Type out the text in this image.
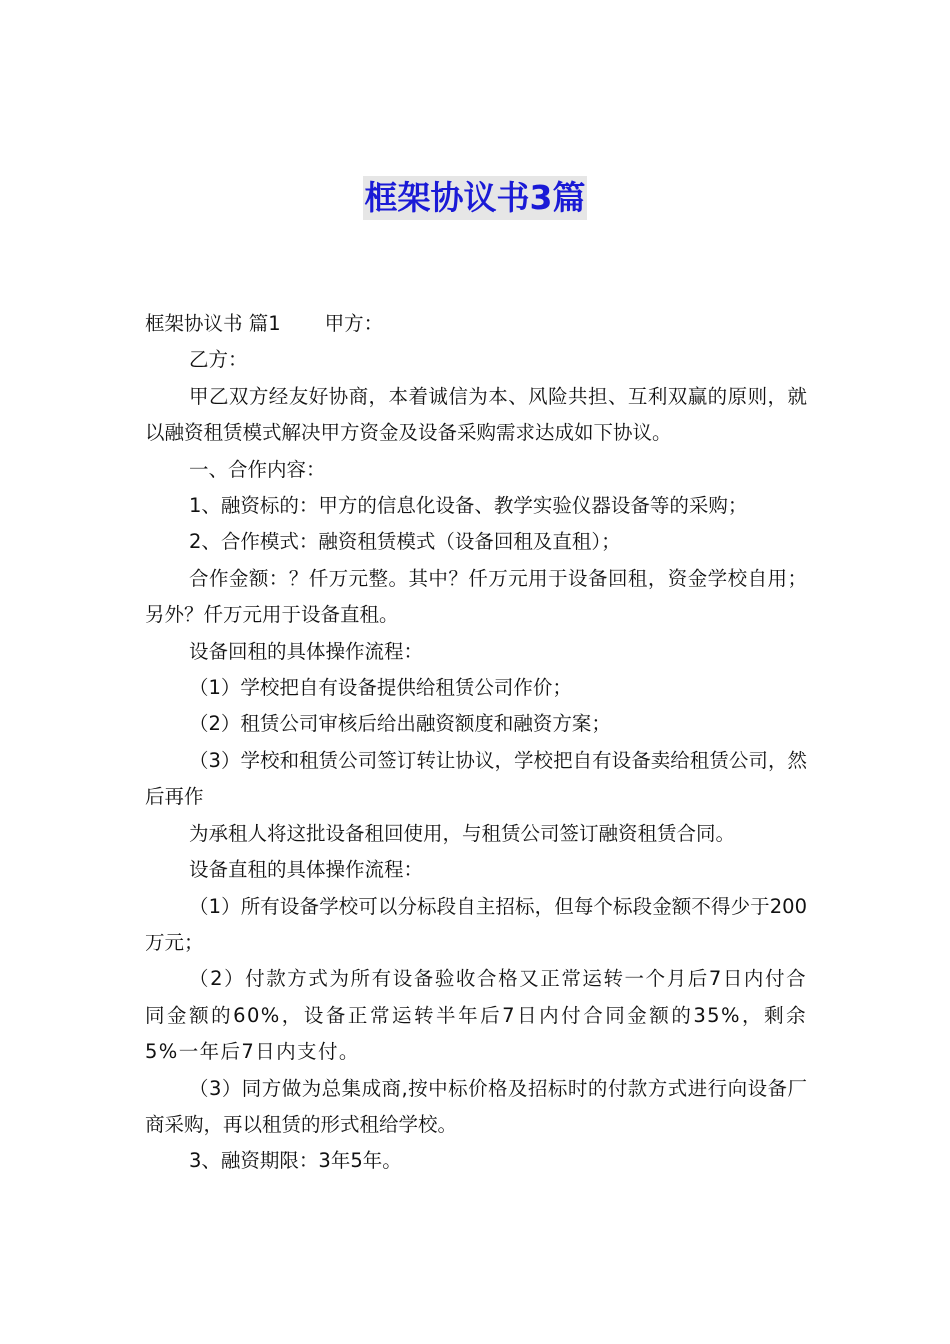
框架协议书3篇

框架协议书 篇1 甲方：

乙方：

甲乙双方经友好协商，本着诚信为本、风险共担、互利双赢的原则，就以融资租赁模式解决甲方资金及设备采购需求达成如下协议。

一、合作内容：

1、融资标的：甲方的信息化设备、教学实验仪器设备等的采购；

2、合作模式：融资租赁模式（设备回租及直租）；

合作金额：？仟万元整。其中？仟万元用于设备回租，资金学校自用；另外？仟万元用于设备直租。

设备回租的具体操作流程：

（1）学校把自有设备提供给租赁公司作价；

（2）租赁公司审核后给出融资额度和融资方案；

（3）学校和租赁公司签订转让协议，学校把自有设备卖给租赁公司，然后再作

为承租人将这批设备租回使用，与租赁公司签订融资租赁合同。

设备直租的具体操作流程：

（1）所有设备学校可以分标段自主招标，但每个标段金额不得少于200万元；

（2）付款方式为所有设备验收合格又正常运转一个月后7日内付合同金额的60%，设备正常运转半年后7日内付合同金额的35%，剩余5%一年后7日内支付。

（3）同方做为总集成商,按中标价格及招标时的付款方式进行向设备厂商采购，再以租赁的形式租给学校。

3、融资期限：3年5年。
